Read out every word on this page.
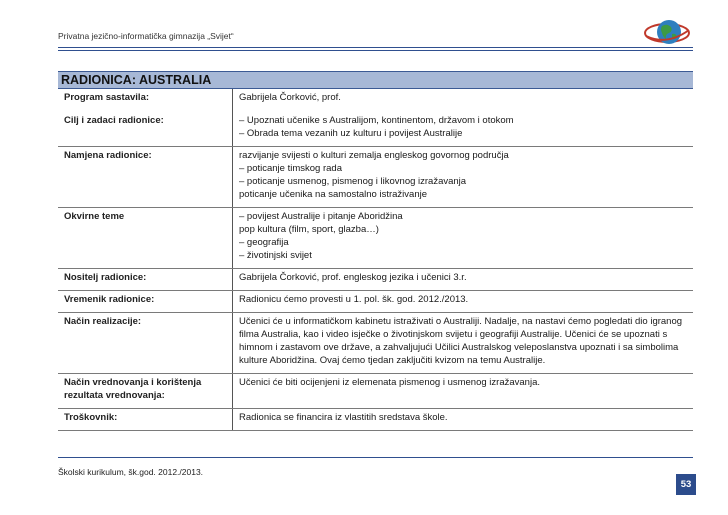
Privatna jezično-informatička gimnazija „Svijet“
RADIONICA: AUSTRALIA
Program sastavila:	Gabrijela Čorković, prof.

Cilj i zadaci radionice:	– Upoznati učenike s Australijom, kontinentom, državom i otokom
– Obrada tema vezanih uz kulturu i povijest Australije

Namjena radionice:	razvijanje svijesti o kulturi zemalja engleskog govornog područja
– poticanje timskog rada
– poticanje usmenog, pismenog i likovnog izražavanja
poticanje učenika na samostalno istraživanje

Okvirne teme	– povijest Australije i pitanje Aboridžina
pop kultura (film, sport, glazba…)
– geografija
– životinjski svijet

Nositelj radionice:	Gabrijela Čorković, prof. engleskog jezika i učenici 3.r.

Vremenik radionice:	Radionicu ćemo provesti u 1. pol. šk. god. 2012./2013.

Način realizacije:	Učenici će u informatičkom kabinetu istraživati o Australiji. Nadalje, na nastavi ćemo pogledati dio igranog filma Australia, kao i video isječke o životinjskom svijetu i geografiji Australije. Učenici će se upoznati s himnom i zastavom ove države, a zahvaljujući Učilici Australskog veleposlanstva upoznati i sa simbolima kulture Aboridžina. Ovaj ćemo tjedan zaključiti kvizom na temu Australije.

Način vrednovanja i korištenja rezultata vrednovanja:	Učenici će biti ocijenjeni iz elemenata pismenog i usmenog izražavanja.

Troškovnik:	Radionica se financira iz vlastitih sredstava škole.
Školski kurikulum, šk.god. 2012./2013.
53
